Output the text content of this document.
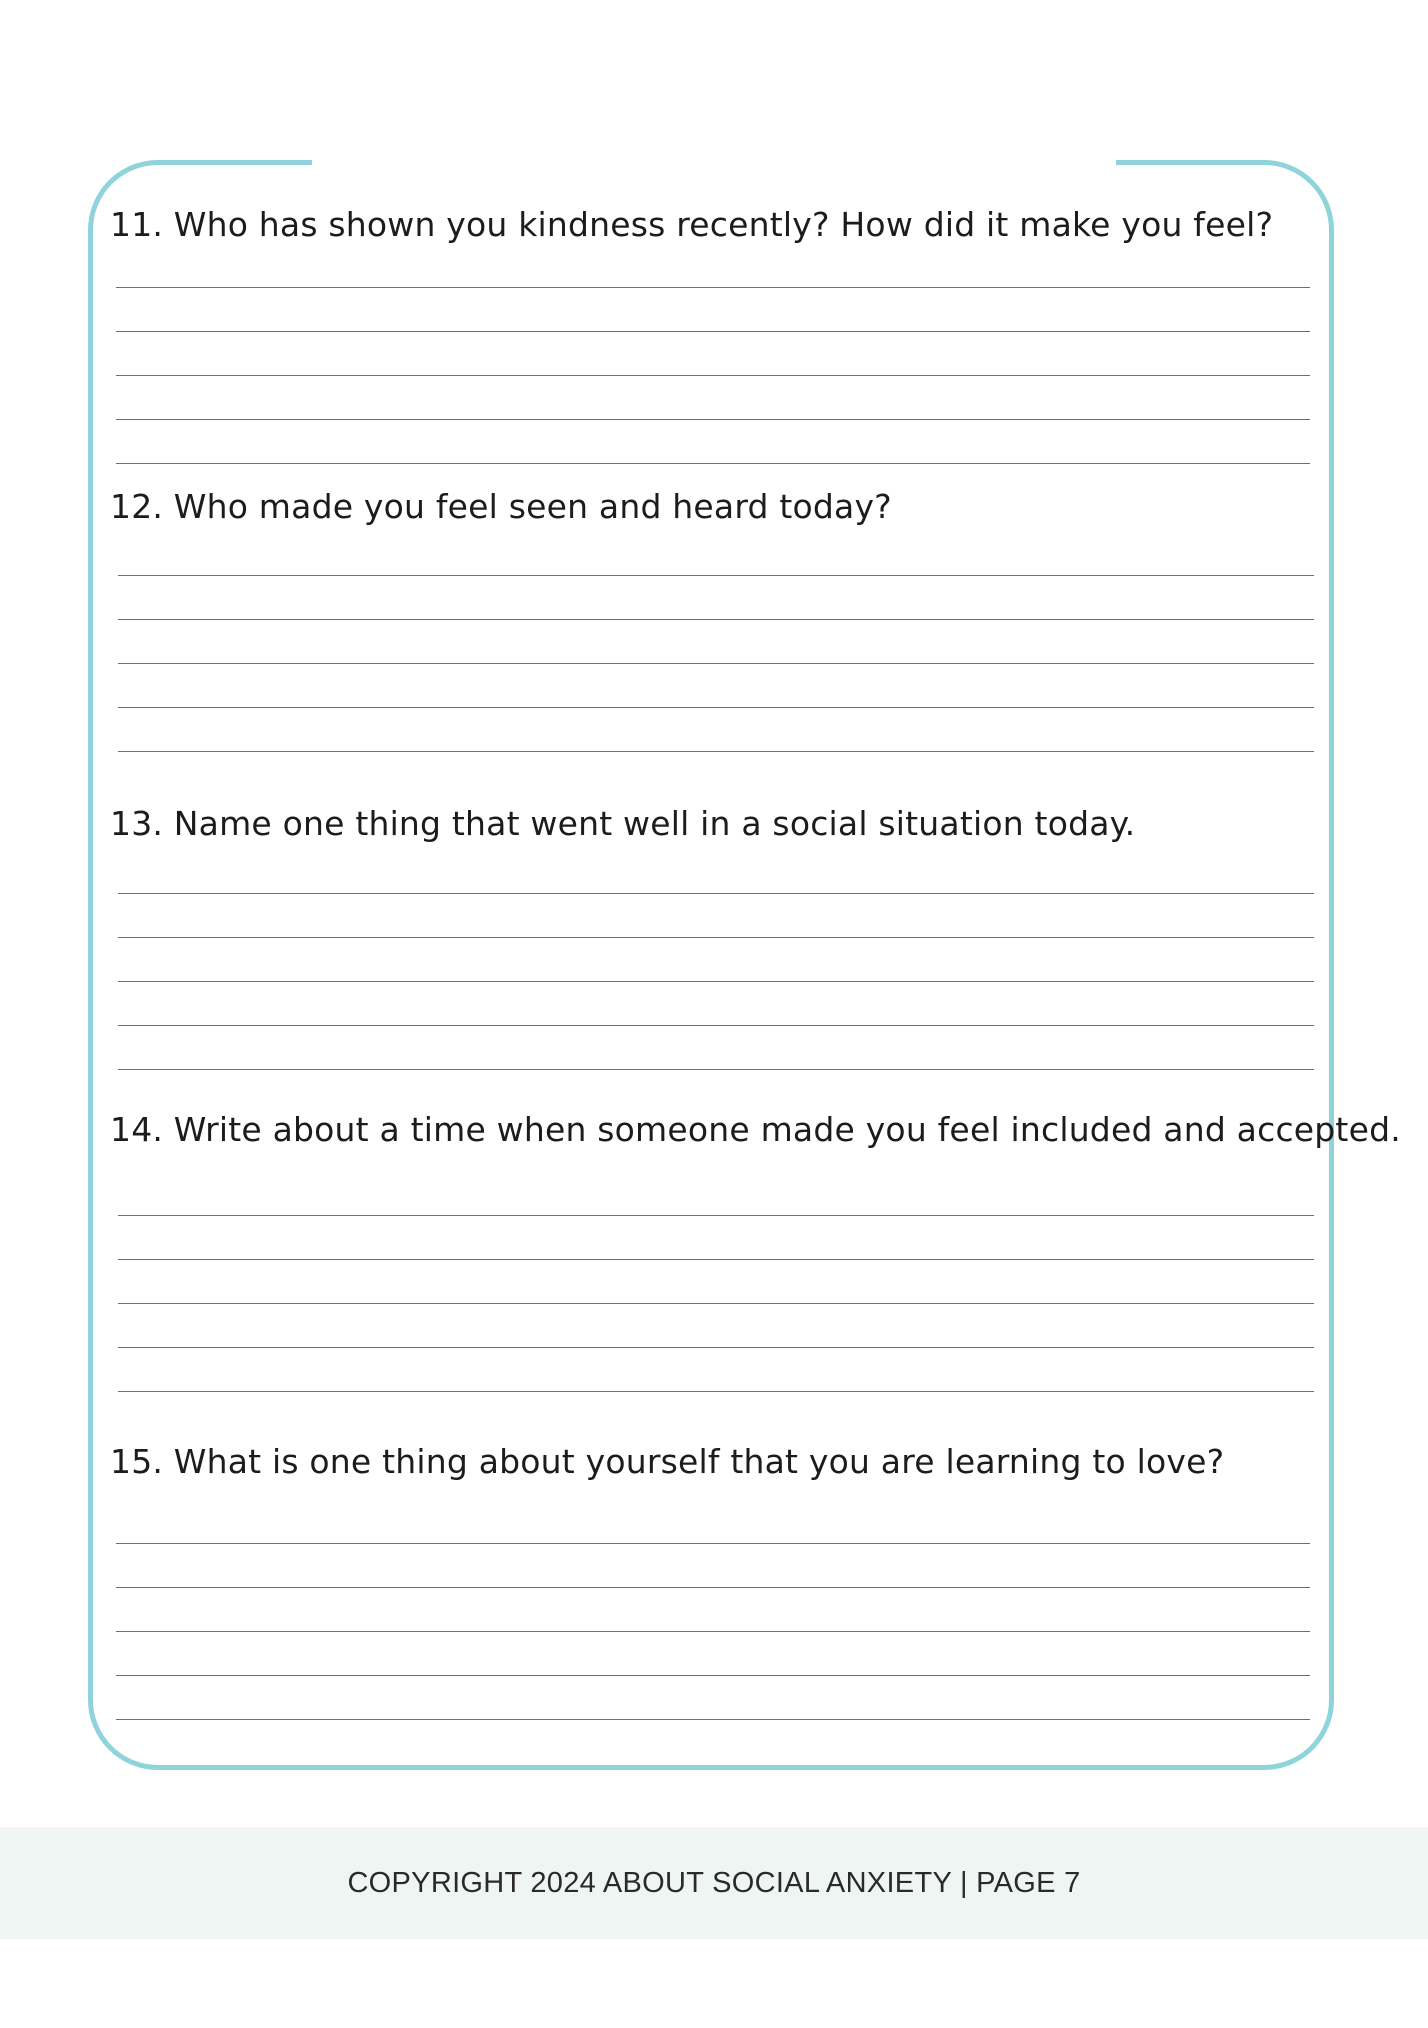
11. Who has shown you kindness recently? How did it make you feel?
12. Who made you feel seen and heard today?
13. Name one thing that went well in a social situation today.
14. Write about a time when someone made you feel included and accepted.
15. What is one thing about yourself that you are learning to love?
COPYRIGHT 2024 ABOUT SOCIAL ANXIETY | PAGE 7
